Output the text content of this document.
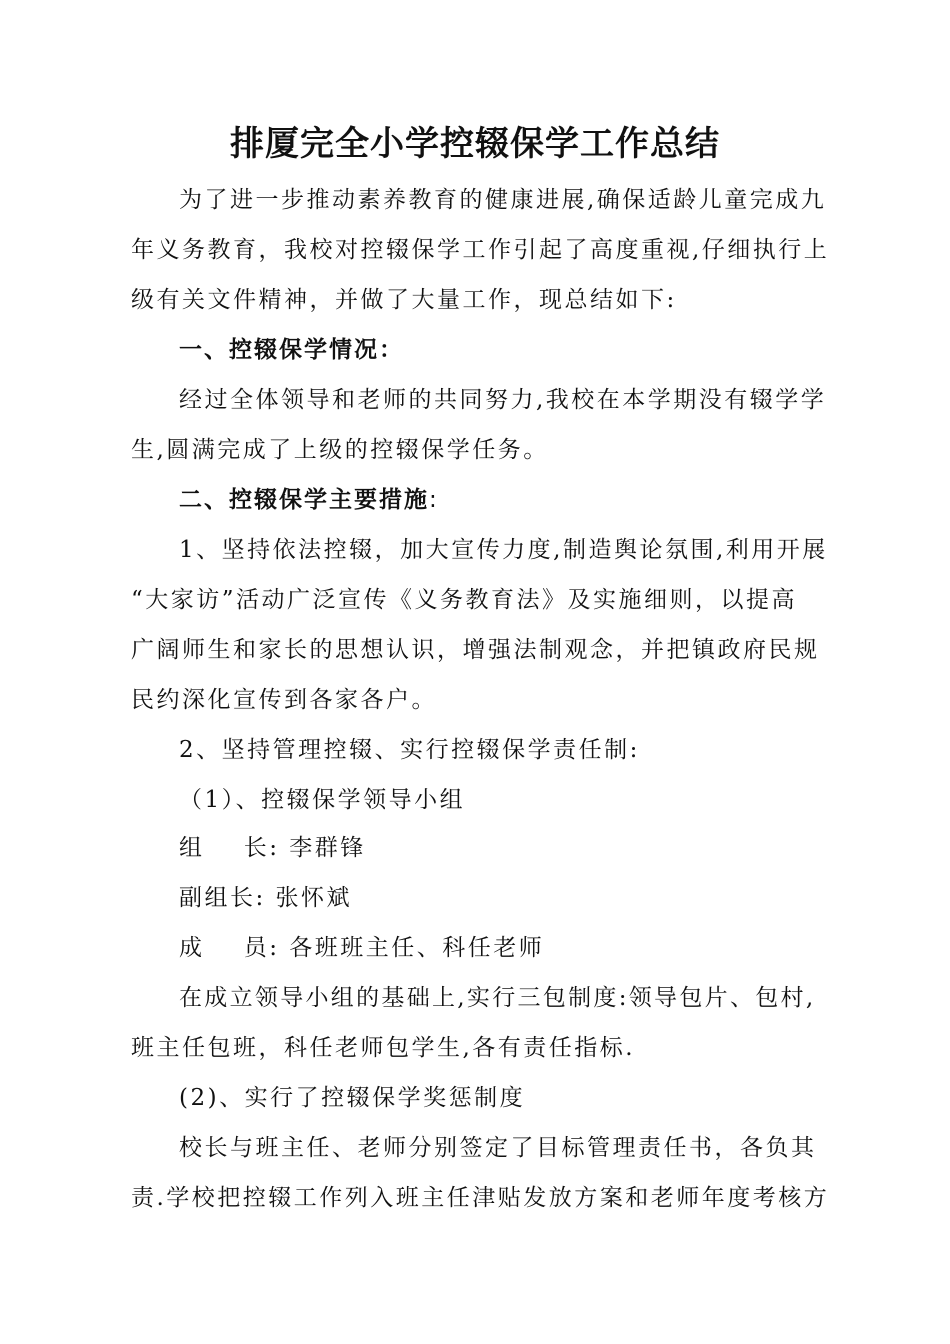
排厦完全小学控辍保学工作总结
为了进一步推动素养教育的健康进展,确保适龄儿童完成九
年义务教育，我校对控辍保学工作引起了高度重视,仔细执行上
级有关文件精神，并做了大量工作，现总结如下:
一、控辍保学情况：
经过全体领导和老师的共同努力,我校在本学期没有辍学学
生,圆满完成了上级的控辍保学任务。
二、控辍保学主要措施:
1、坚持依法控辍，加大宣传力度,制造舆论氛围,利用开展
“大家访”活动广泛宣传《义务教育法》及实施细则，以提高
广阔师生和家长的思想认识，增强法制观念，并把镇政府民规
民约深化宣传到各家各户。
2、坚持管理控辍、实行控辍保学责任制:
（1）、控辍保学领导小组
组    长: 李群锋
副组长: 张怀斌
成    员: 各班班主任、科任老师
在成立领导小组的基础上,实行三包制度:领导包片、包村,
班主任包班，科任老师包学生,各有责任指标.
(2)、实行了控辍保学奖惩制度
校长与班主任、老师分别签定了目标管理责任书，各负其
责.学校把控辍工作列入班主任津贴发放方案和老师年度考核方
